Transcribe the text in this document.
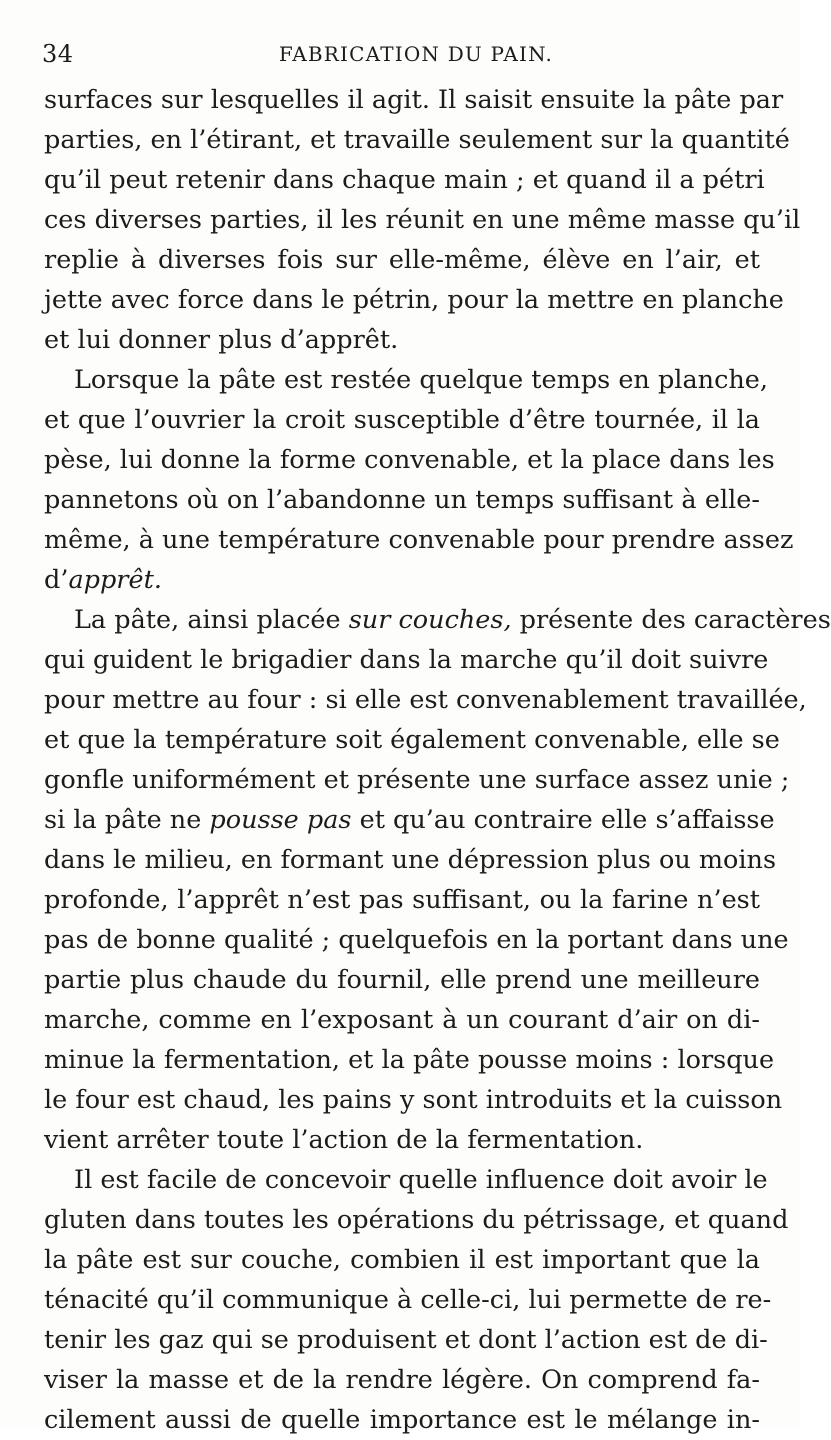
34	FABRICATION DU PAIN.
surfaces sur lesquelles il agit. Il saisit ensuite la pâte par
parties, en l’étirant, et travaille seulement sur la quantité
qu’il peut retenir dans chaque main ; et quand il a pétri
ces diverses parties, il les réunit en une même masse qu’il
replie à diverses fois sur elle-même, élève en l’air, et
jette avec force dans le pétrin, pour la mettre en planche
et lui donner plus d’apprêt.
Lorsque la pâte est restée quelque temps en planche,
et que l’ouvrier la croit susceptible d’être tournée, il la
pèse, lui donne la forme convenable, et la place dans les
pannetons où on l’abandonne un temps suffisant à elle-
même, à une température convenable pour prendre assez
d’apprêt.
La pâte, ainsi placée sur couches, présente des caractères
qui guident le brigadier dans la marche qu’il doit suivre
pour mettre au four : si elle est convenablement travaillée,
et que la température soit également convenable, elle se
gonfle uniformément et présente une surface assez unie ;
si la pâte ne pousse pas et qu’au contraire elle s’affaisse
dans le milieu, en formant une dépression plus ou moins
profonde, l’apprêt n’est pas suffisant, ou la farine n’est
pas de bonne qualité ; quelquefois en la portant dans une
partie plus chaude du fournil, elle prend une meilleure
marche, comme en l’exposant à un courant d’air on di-
minue la fermentation, et la pâte pousse moins : lorsque
le four est chaud, les pains y sont introduits et la cuisson
vient arrêter toute l’action de la fermentation.
Il est facile de concevoir quelle influence doit avoir le
gluten dans toutes les opérations du pétrissage, et quand
la pâte est sur couche, combien il est important que la
ténacité qu’il communique à celle-ci, lui permette de re-
tenir les gaz qui se produisent et dont l’action est de di-
viser la masse et de la rendre légère. On comprend fa-
cilement aussi de quelle importance est le mélange in-
